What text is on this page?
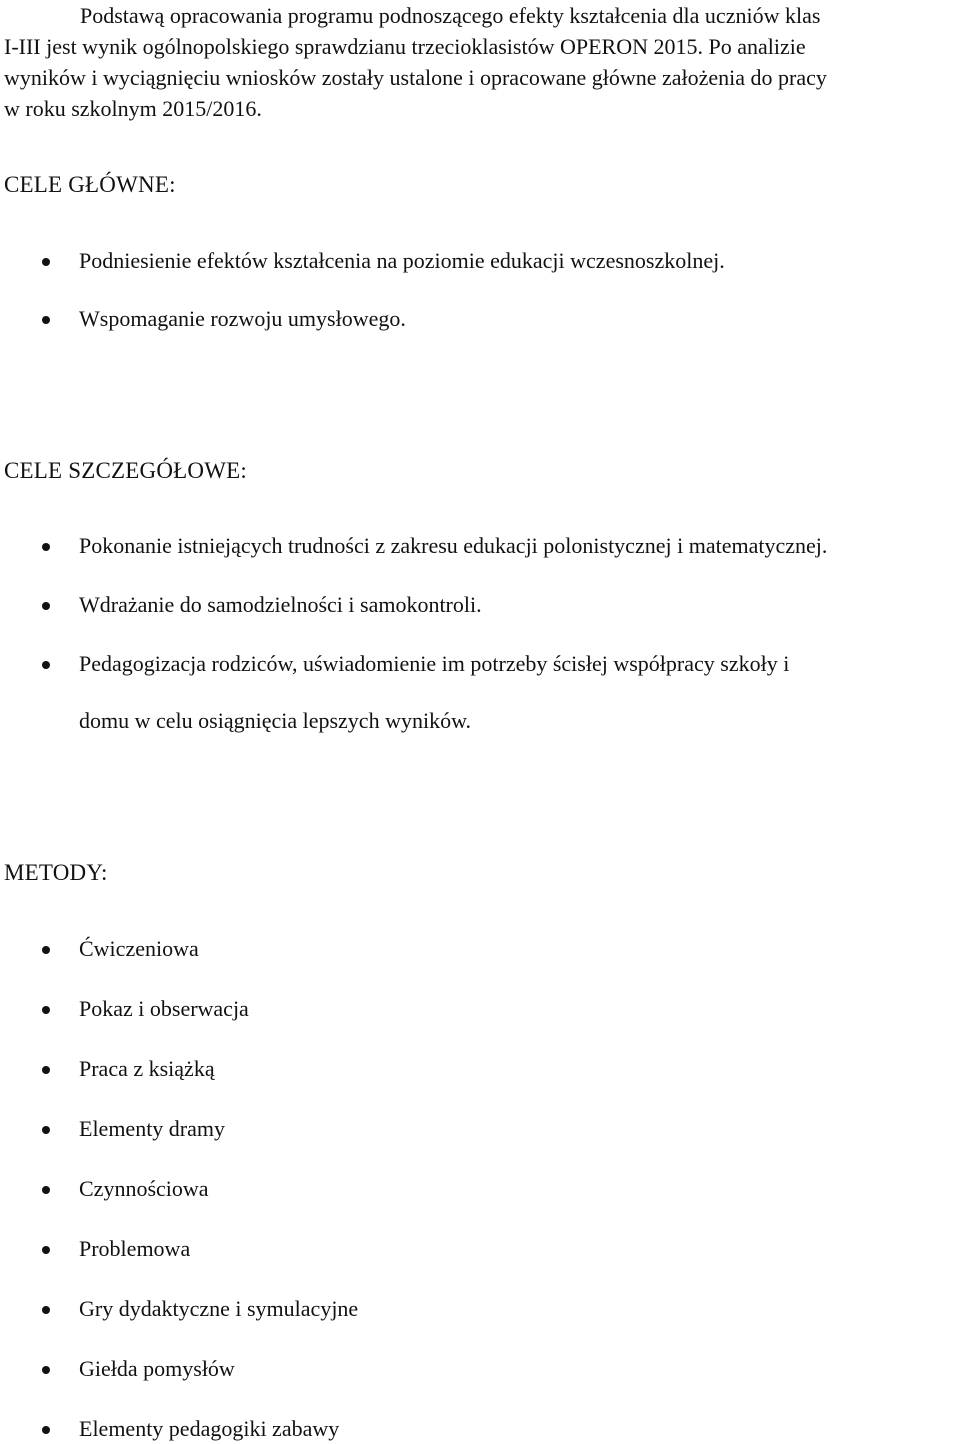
Podstawą opracowania programu podnoszącego efekty kształcenia dla uczniów klas
I-III jest wynik ogólnopolskiego sprawdzianu trzecioklasistów OPERON 2015. Po analizie
wyników i wyciągnięciu wniosków zostały ustalone i opracowane główne założenia do pracy
w roku szkolnym 2015/2016.

CELE GŁÓWNE:
Podniesienie efektów kształcenia na poziomie edukacji wczesnoszkolnej.
Wspomaganie rozwoju umysłowego.
CELE SZCZEGÓŁOWE:
Pokonanie istniejących trudności z zakresu edukacji polonistycznej i matematycznej.
Wdrażanie do samodzielności i samokontroli.
Pedagogizacja rodziców, uświadomienie im potrzeby ścisłej współpracy szkoły i
domu w celu osiągnięcia lepszych wyników.
METODY:
Ćwiczeniowa
Pokaz i obserwacja
Praca z książką
Elementy dramy
Czynnościowa
Problemowa
Gry dydaktyczne i symulacyjne
Giełda pomysłów
Elementy pedagogiki zabawy
